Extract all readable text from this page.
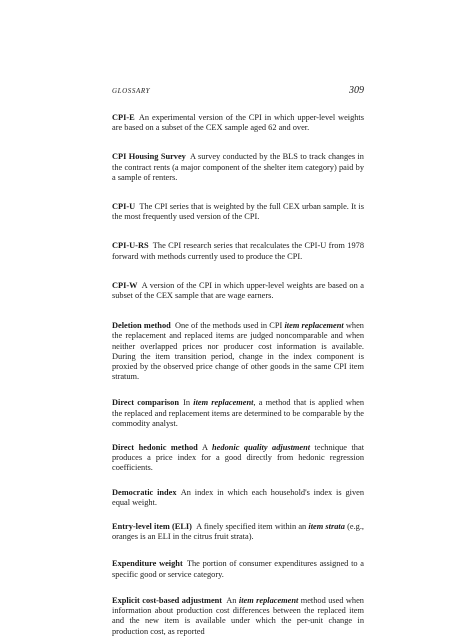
GLOSSARY	309

CPI-E  An experimental version of the CPI in which upper-level weights are based on a subset of the CEX sample aged 62 and over.

CPI Housing Survey  A survey conducted by the BLS to track changes in the contract rents (a major component of the shelter item category) paid by a sample of renters.

CPI-U  The CPI series that is weighted by the full CEX urban sample. It is the most frequently used version of the CPI.

CPI-U-RS  The CPI research series that recalculates the CPI-U from 1978 forward with methods currently used to produce the CPI.

CPI-W  A version of the CPI in which upper-level weights are based on a subset of the CEX sample that are wage earners.

Deletion method  One of the methods used in CPI item replacement when the replacement and replaced items are judged noncomparable and when neither overlapped prices nor producer cost information is available. During the item transition period, change in the index component is proxied by the observed price change of other goods in the same CPI item stratum.

Direct comparison  In item replacement, a method that is applied when the replaced and replacement items are determined to be comparable by the commodity analyst.

Direct hedonic method  A hedonic quality adjustment technique that produces a price index for a good directly from hedonic regression coefficients.

Democratic index  An index in which each household's index is given equal weight.

Entry-level item (ELI)  A finely specified item within an item strata (e.g., oranges is an ELI in the citrus fruit strata).

Expenditure weight  The portion of consumer expenditures assigned to a specific good or service category.

Explicit cost-based adjustment  An item replacement method used when information about production cost differences between the replaced item and the new item is available under which the per-unit change in production cost, as reported
